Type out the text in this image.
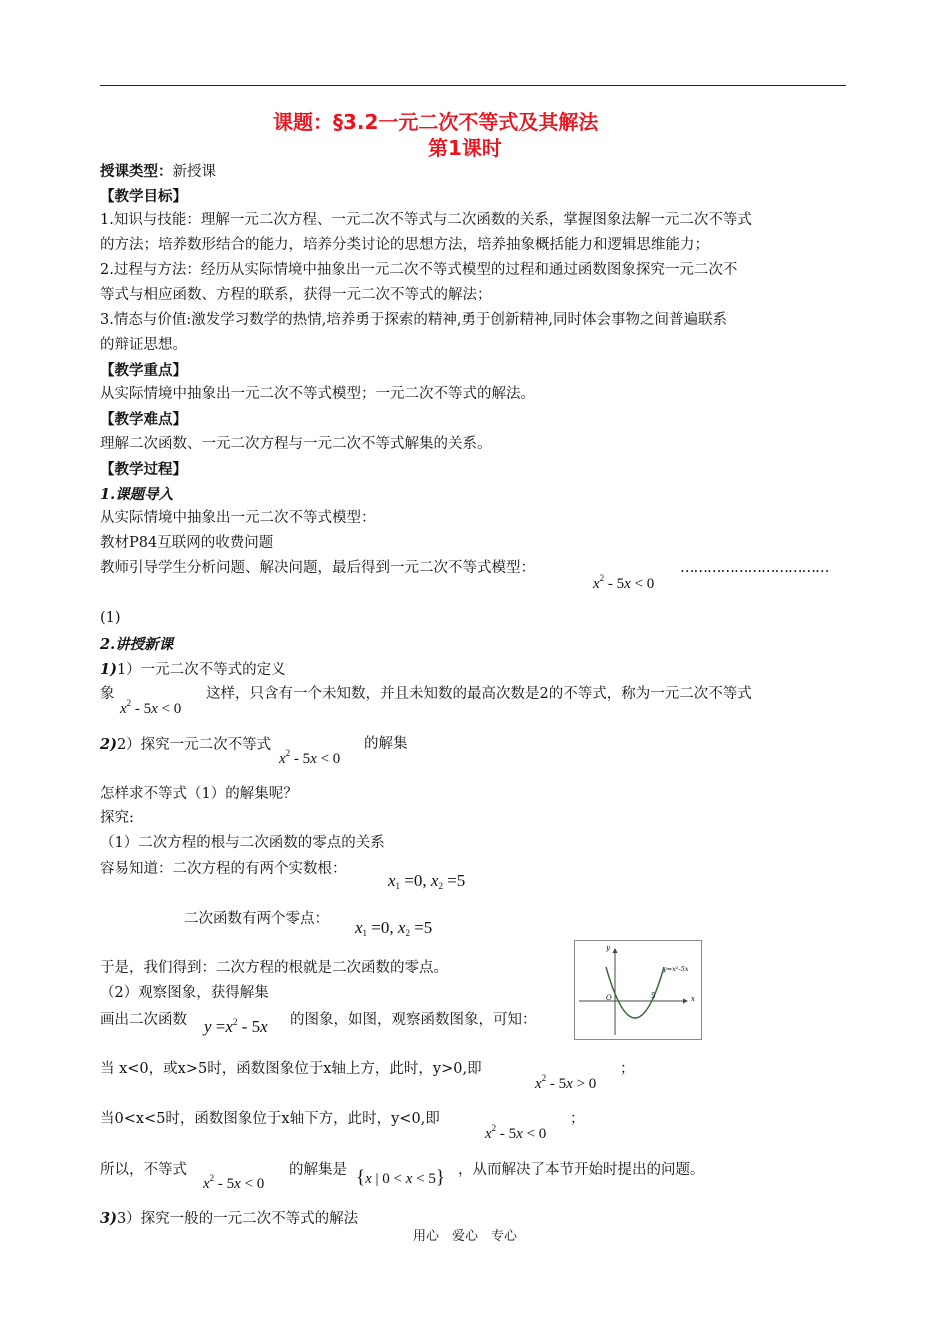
课题：§3.2一元二次不等式及其解法
第1课时
授课类型：新授课
【教学目标】
1.知识与技能：理解一元二次方程、一元二次不等式与二次函数的关系，掌握图象法解一元二次不等式
的方法；培养数形结合的能力，培养分类讨论的思想方法，培养抽象概括能力和逻辑思维能力；
2.过程与方法：经历从实际情境中抽象出一元二次不等式模型的过程和通过函数图象探究一元二次不
等式与相应函数、方程的联系，获得一元二次不等式的解法；
3.情态与价值:激发学习数学的热情,培养勇于探索的精神,勇于创新精神,同时体会事物之间普遍联系
的辩证思想。
【教学重点】
从实际情境中抽象出一元二次不等式模型；一元二次不等式的解法。
【教学难点】
理解二次函数、一元二次方程与一元二次不等式解集的关系。
【教学过程】
1.课题导入
从实际情境中抽象出一元二次不等式模型：
教材P84互联网的收费问题
教师引导学生分析问题、解决问题，最后得到一元二次不等式模型：
$x^2 - 5x < 0$
……………………………
(1)
2.讲授新课
1)1）一元二次不等式的定义
象
$x^2 - 5x < 0$
这样，只含有一个未知数，并且未知数的最高次数是2的不等式，称为一元二次不等式
2)2）探究一元二次不等式
$x^2 - 5x < 0$
的解集
怎样求不等式（1）的解集呢？
探究:
（1）二次方程的根与二次函数的零点的关系
容易知道：二次方程的有两个实数根：
$x_1 =0$, $x_2 =5$
二次函数有两个零点： $x_1 =0$, $x_2 =5$
于是，我们得到：二次方程的根就是二次函数的零点。
（2）观察图象，获得解集
画出二次函数 $y =x^2 - 5x$ 的图象，如图，观察函数图象，可知：
y
x
O	5
y=x²-5x
当 x<0，或x>5时，函数图象位于x轴上方，此时，y>0,即
$x^2 - 5x > 0$
；
当0<x<5时，函数图象位于x轴下方，此时，y<0,即
$x^2 - 5x < 0$
；
所以，不等式
$x^2 - 5x < 0$
的解集是 {x | 0 < x < 5} ，从而解决了本节开始时提出的问题。
3)3）探究一般的一元二次不等式的解法
用心　爱心　专心
